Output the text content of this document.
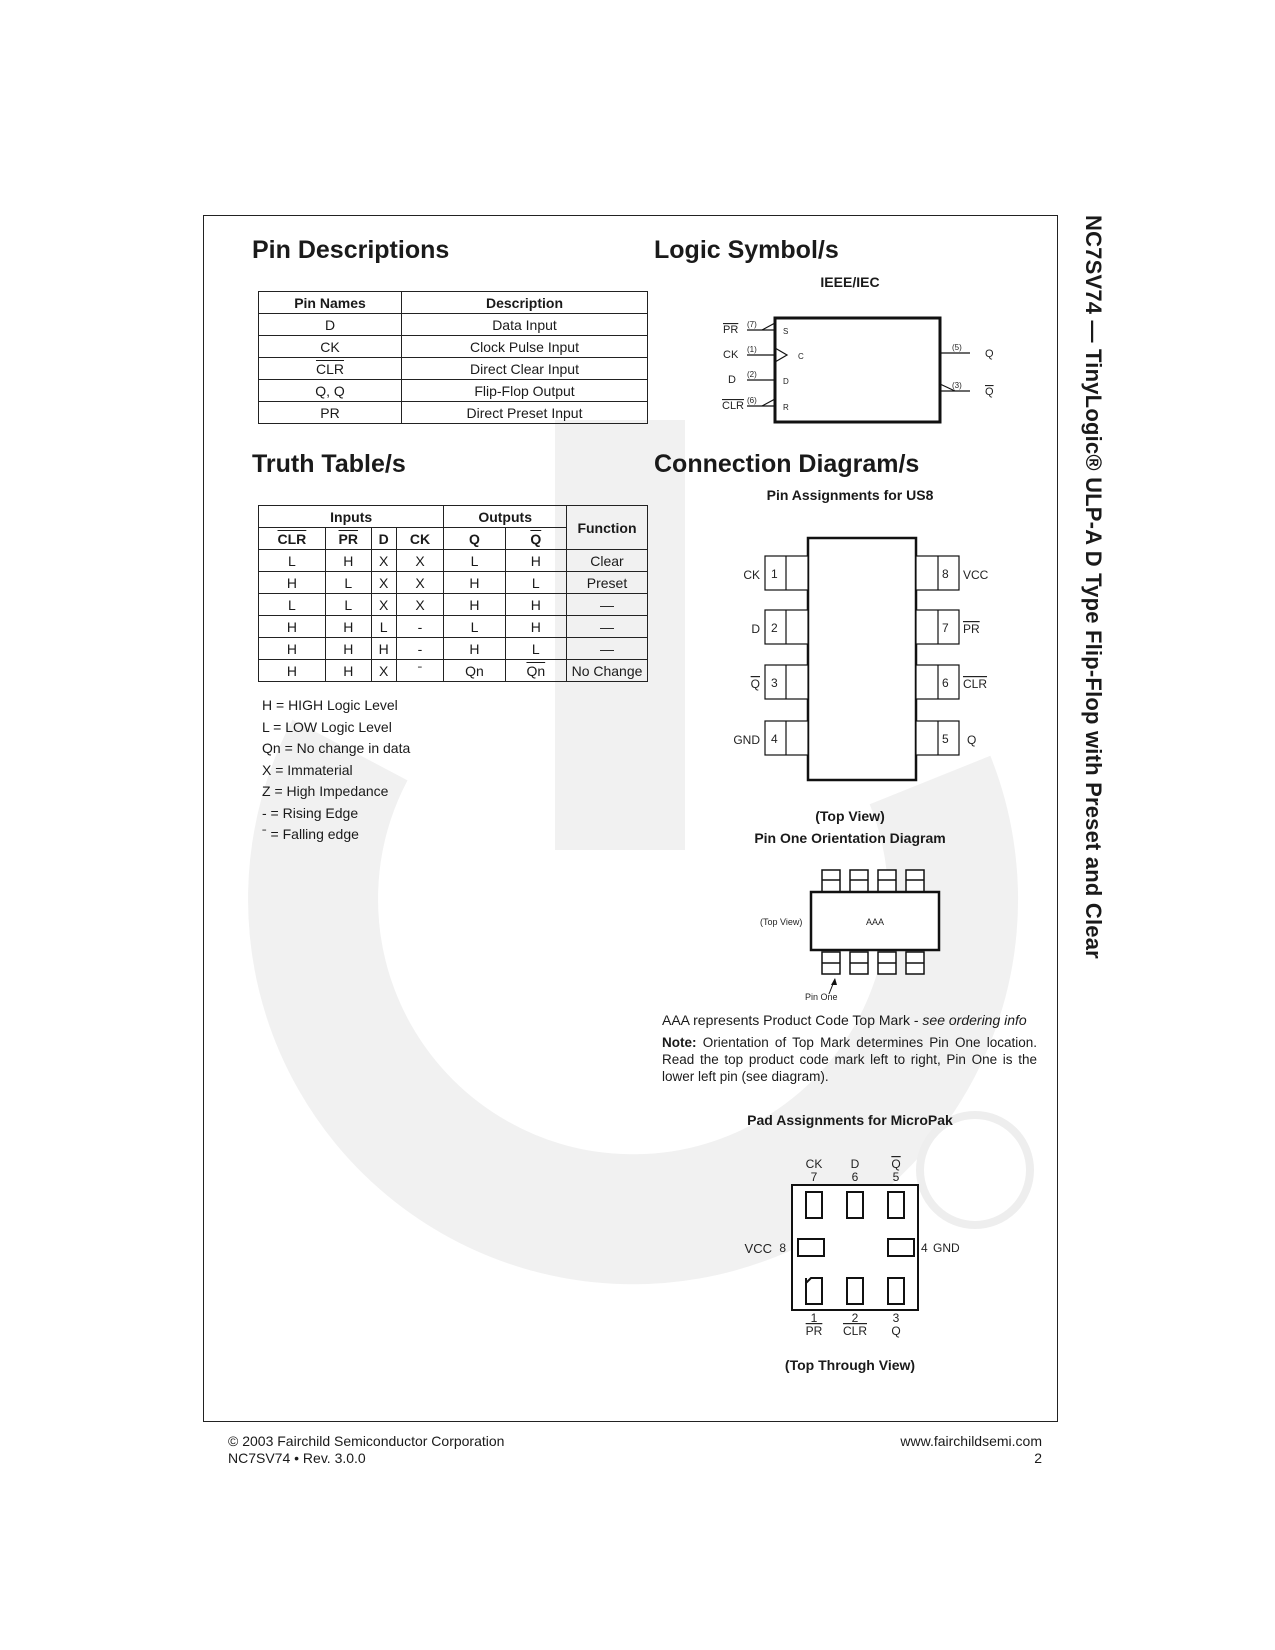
NC7SV74 — TinyLogic® ULP-A D Type Flip-Flop with Preset and Clear
Pin Descriptions
Pin Names	Description
D	Data Input
CK	Clock Pulse Input
$\overline{CLR}$	Direct Clear Input
Q, Q	Flip-Flop Output
PR	Direct Preset Input
Logic Symbol/s
IEEE/IEC
PR (7)
S
CK (1)
C
D (2)
D
CLR (6)
R
(5)
Q
(3)
Q
Truth Table/s
Inputs				Outputs		Function
$\overline{CLR}$	$\overline{PR}$	D	CK	Q	$\overline{Q}$
L	H	X	X	L	H	Clear
H	L	X	X	H	L	Preset
L	L	X	X	H	H	—
H	H	L	-	L	H	—
H	H	H	-	H	L	—
H	H	X	ˉ	Qn	$\overline{Qn}$	No Change
H = HIGH Logic Level
L = LOW Logic Level
Qn = No change in data
X = Immaterial
Z = High Impedance
- = Rising Edge
ˉ = Falling edge
Connection Diagram/s
Pin Assignments for US8
1
2
3
4
8
7
6
5
CK
D
Q
GND
VCC
PR
CLR
Q
(Top View)
Pin One Orientation Diagram
(Top View)	AAA
Pin One
AAA represents Product Code Top Mark - see ordering info
Note: Orientation of Top Mark determines Pin One location. Read the top product code mark left to right, Pin One is the lower left pin (see diagram).
Pad Assignments for MicroPak
CK
7
D
6
Q
5
1
PR
2
CLR
3
Q
8
VCC	4 GND
(Top Through View)
© 2003 Fairchild Semiconductor Corporation
NC7SV74 • Rev. 3.0.0
www.fairchildsemi.com
2
